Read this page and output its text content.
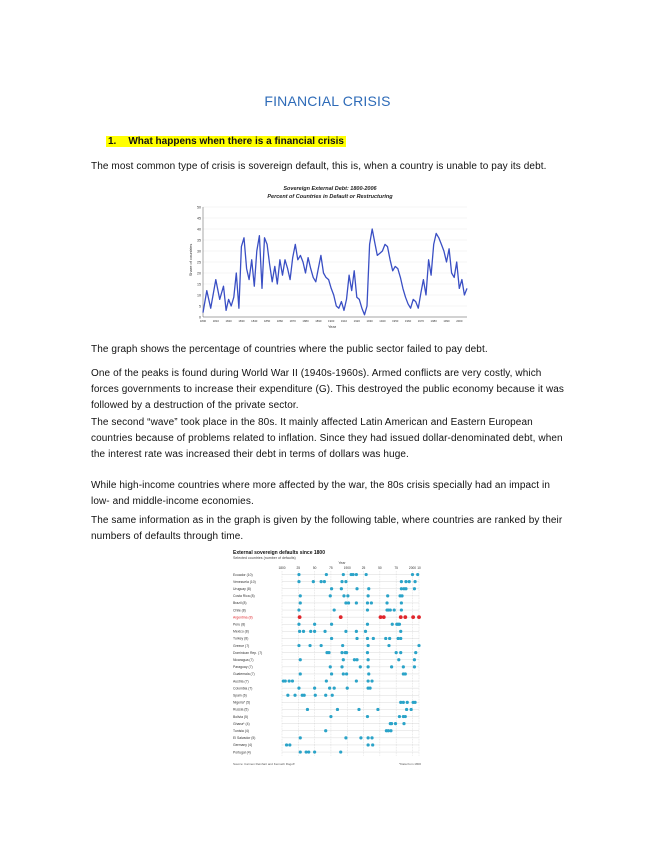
FINANCIAL CRISIS
1. What happens when there is a financial crisis
The most common type of crisis is sovereign default, this is, when a country is unable to pay its debt.
Sovereign External Debt: 1800-2006
Percent of Countries in Default or Restructuring
Share of countries
Year
0
5
10
15
20
25
30
35
40
45
50
1800 1810 1820 1830 1840 1850 1860 1870 1880 1890 1900 1910 1920 1930 1940 1950 1960 1970 1980 1990 2000
The graph shows the percentage of countries where the public sector failed to pay debt.
One of the peaks is found during World War II (1940s-1960s). Armed conflicts are very costly, which forces governments to increase their expenditure (G). This destroyed the public economy because it was followed by a destruction of the private sector.
The second “wave” took place in the 80s. It mainly affected Latin American and Eastern European countries because of problems related to inflation. Since they had issued dollar-denominated debt, when the interest rate was increased their debt in terms of dollars was huge.
While high-income countries where more affected by the war, the 80s crisis specially had an impact in low- and middle-income economies.
The same information as in the graph is given by the following table, where countries are ranked by their numbers of defaults through time.
External sovereign defaults since 1800
Selected countries (number of defaults)
Year
1800	25	50	75	1900	25	50	75	2000 10
Ecuador (10)
Venezuela (10)
Uruguay (8)
Costa Rica (8)
Brazil (8)
Chile (8)
Argentina (8)
Peru (8)
Mexico (8)
Turkey (8)
Greece (7)
Dominican Rep. (7)
Nicaragua (7)
Paraguay (7)
Guatemala (7)
Austria (7)
Colombia (7)
Spain (6)
Nigeria* (5)
Russia (5)
Bolivia (5)
Ghana* (4)
Tunisia (4)
El Salvador (5)
Germany (4)
Portugal (4)
Source: Carmen Reinhart and Kenneth Rogoff	*Data from 1800
